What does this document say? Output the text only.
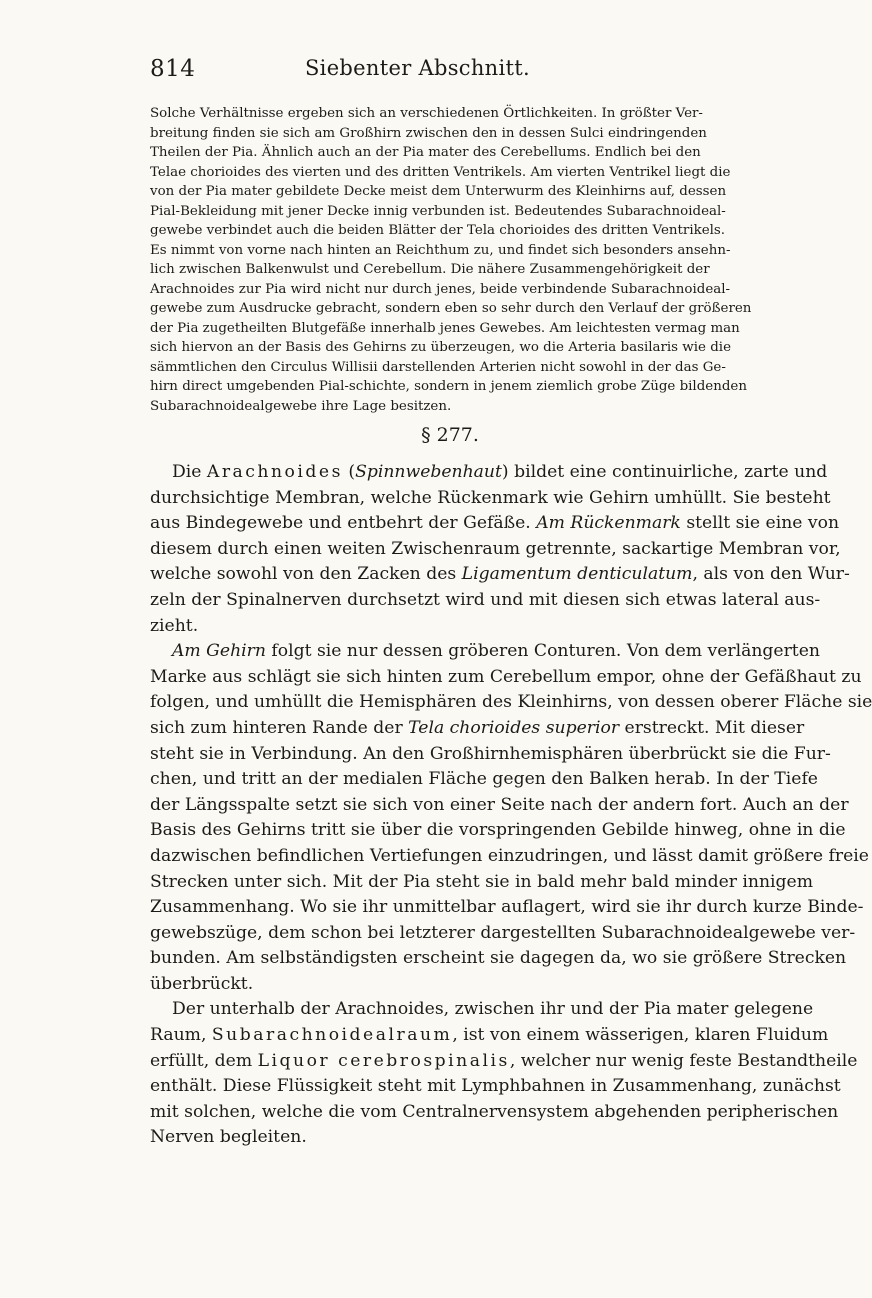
814	Siebenter Abschnitt.
Solche Verhältnisse ergeben sich an verschiedenen Örtlichkeiten. In größter Ver-
breitung finden sie sich am Großhirn zwischen den in dessen Sulci eindringenden
Theilen der Pia. Ähnlich auch an der Pia mater des Cerebellums. Endlich bei den
Telae chorioides des vierten und des dritten Ventrikels. Am vierten Ventrikel liegt die
von der Pia mater gebildete Decke meist dem Unterwurm des Kleinhirns auf, dessen
Pial-Bekleidung mit jener Decke innig verbunden ist. Bedeutendes Subarachnoideal-
gewebe verbindet auch die beiden Blätter der Tela chorioides des dritten Ventrikels.
Es nimmt von vorne nach hinten an Reichthum zu, und findet sich besonders ansehn-
lich zwischen Balkenwulst und Cerebellum. Die nähere Zusammengehörigkeit der
Arachnoides zur Pia wird nicht nur durch jenes, beide verbindende Subarachnoideal-
gewebe zum Ausdrucke gebracht, sondern eben so sehr durch den Verlauf der größeren
der Pia zugetheilten Blutgefäße innerhalb jenes Gewebes. Am leichtesten vermag man
sich hiervon an der Basis des Gehirns zu überzeugen, wo die Arteria basilaris wie die
sämmtlichen den Circulus Willisii darstellenden Arterien nicht sowohl in der das Ge-
hirn direct umgebenden Pial-schichte, sondern in jenem ziemlich grobe Züge bildenden
Subarachnoidealgewebe ihre Lage besitzen.
§ 277.
Die Arachnoides (Spinnwebenhaut) bildet eine continuirliche, zarte und
durchsichtige Membran, welche Rückenmark wie Gehirn umhüllt. Sie besteht
aus Bindegewebe und entbehrt der Gefäße. Am Rückenmark stellt sie eine von
diesem durch einen weiten Zwischenraum getrennte, sackartige Membran vor,
welche sowohl von den Zacken des Ligamentum denticulatum, als von den Wur-
zeln der Spinalnerven durchsetzt wird und mit diesen sich etwas lateral aus-
zieht.
Am Gehirn folgt sie nur dessen gröberen Conturen. Von dem verlängerten
Marke aus schlägt sie sich hinten zum Cerebellum empor, ohne der Gefäßhaut zu
folgen, und umhüllt die Hemisphären des Kleinhirns, von dessen oberer Fläche sie
sich zum hinteren Rande der Tela chorioides superior erstreckt. Mit dieser
steht sie in Verbindung. An den Großhirnhemisphären überbrückt sie die Fur-
chen, und tritt an der medialen Fläche gegen den Balken herab. In der Tiefe
der Längsspalte setzt sie sich von einer Seite nach der andern fort. Auch an der
Basis des Gehirns tritt sie über die vorspringenden Gebilde hinweg, ohne in die
dazwischen befindlichen Vertiefungen einzudringen, und lässt damit größere freie
Strecken unter sich. Mit der Pia steht sie in bald mehr bald minder innigem
Zusammenhang. Wo sie ihr unmittelbar auflagert, wird sie ihr durch kurze Binde-
gewebszüge, dem schon bei letzterer dargestellten Subarachnoidealgewebe ver-
bunden. Am selbständigsten erscheint sie dagegen da, wo sie größere Strecken
überbrückt.
Der unterhalb der Arachnoides, zwischen ihr und der Pia mater gelegene
Raum, Subarachnoidealraum, ist von einem wässerigen, klaren Fluidum
erfüllt, dem Liquor cerebrospinalis, welcher nur wenig feste Bestandtheile
enthält. Diese Flüssigkeit steht mit Lymphbahnen in Zusammenhang, zunächst
mit solchen, welche die vom Centralnervensystem abgehenden peripherischen
Nerven begleiten.
